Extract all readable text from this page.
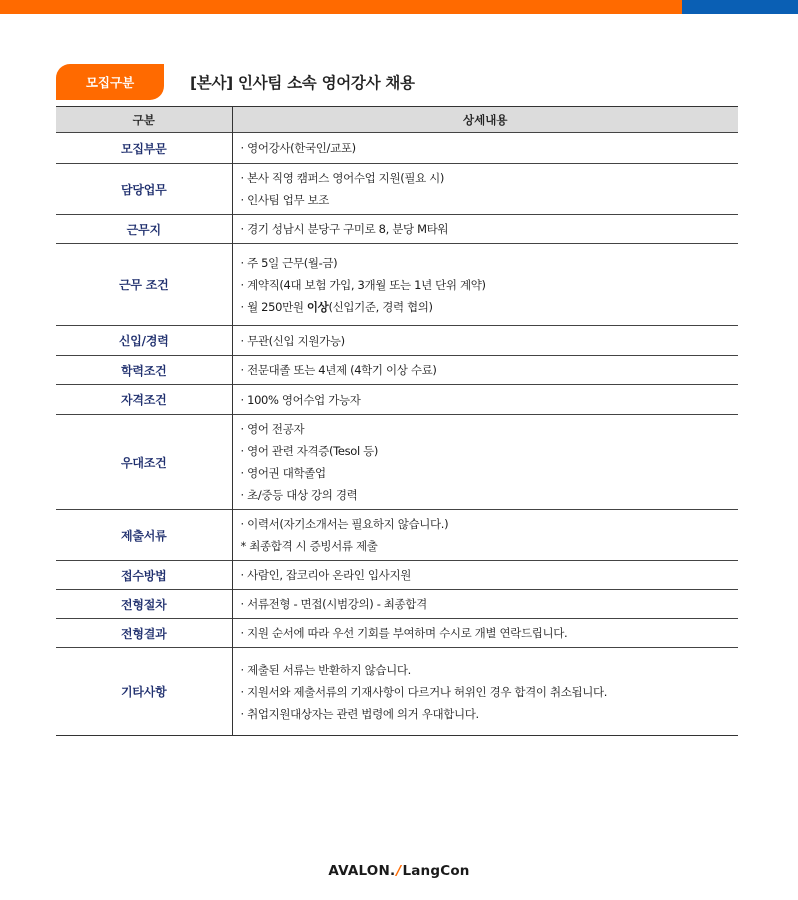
모집구분	[본사] 인사팀 소속 영어강사 채용
구분	상세내용
모집부문	· 영어강사(한국인/교포)

담당업무	· 본사 직영 캠퍼스 영어수업 지원(필요 시)
· 인사팀 업무 보조

근무지	· 경기 성남시 분당구 구미로 8, 분당 M타워

근무 조건	· 주 5일 근무(월-금)
· 계약직(4대 보험 가입, 3개월 또는 1년 단위 계약)
· 월 250만원 이상(신입기준, 경력 협의)

신입/경력	· 무관(신입 지원가능)

학력조건	· 전문대졸 또는 4년제 (4학기 이상 수료)

자격조건	· 100% 영어수업 가능자

우대조건	· 영어 전공자
· 영어 관련 자격증(Tesol 등)
· 영어권 대학졸업
· 초/중등 대상 강의 경력

제출서류	· 이력서(자기소개서는 필요하지 않습니다.)
* 최종합격 시 증빙서류 제출

접수방법	· 사람인, 잡코리아 온라인 입사지원

전형절차	· 서류전형 - 면접(시범강의) - 최종합격

전형결과	· 지원 순서에 따라 우선 기회를 부여하며 수시로 개별 연락드립니다.

기타사항	· 제출된 서류는 반환하지 않습니다.
· 지원서와 제출서류의 기재사항이 다르거나 허위인 경우 합격이 취소됩니다.
· 취업지원대상자는 관련 법령에 의거 우대합니다.
AVALON./LangCon
